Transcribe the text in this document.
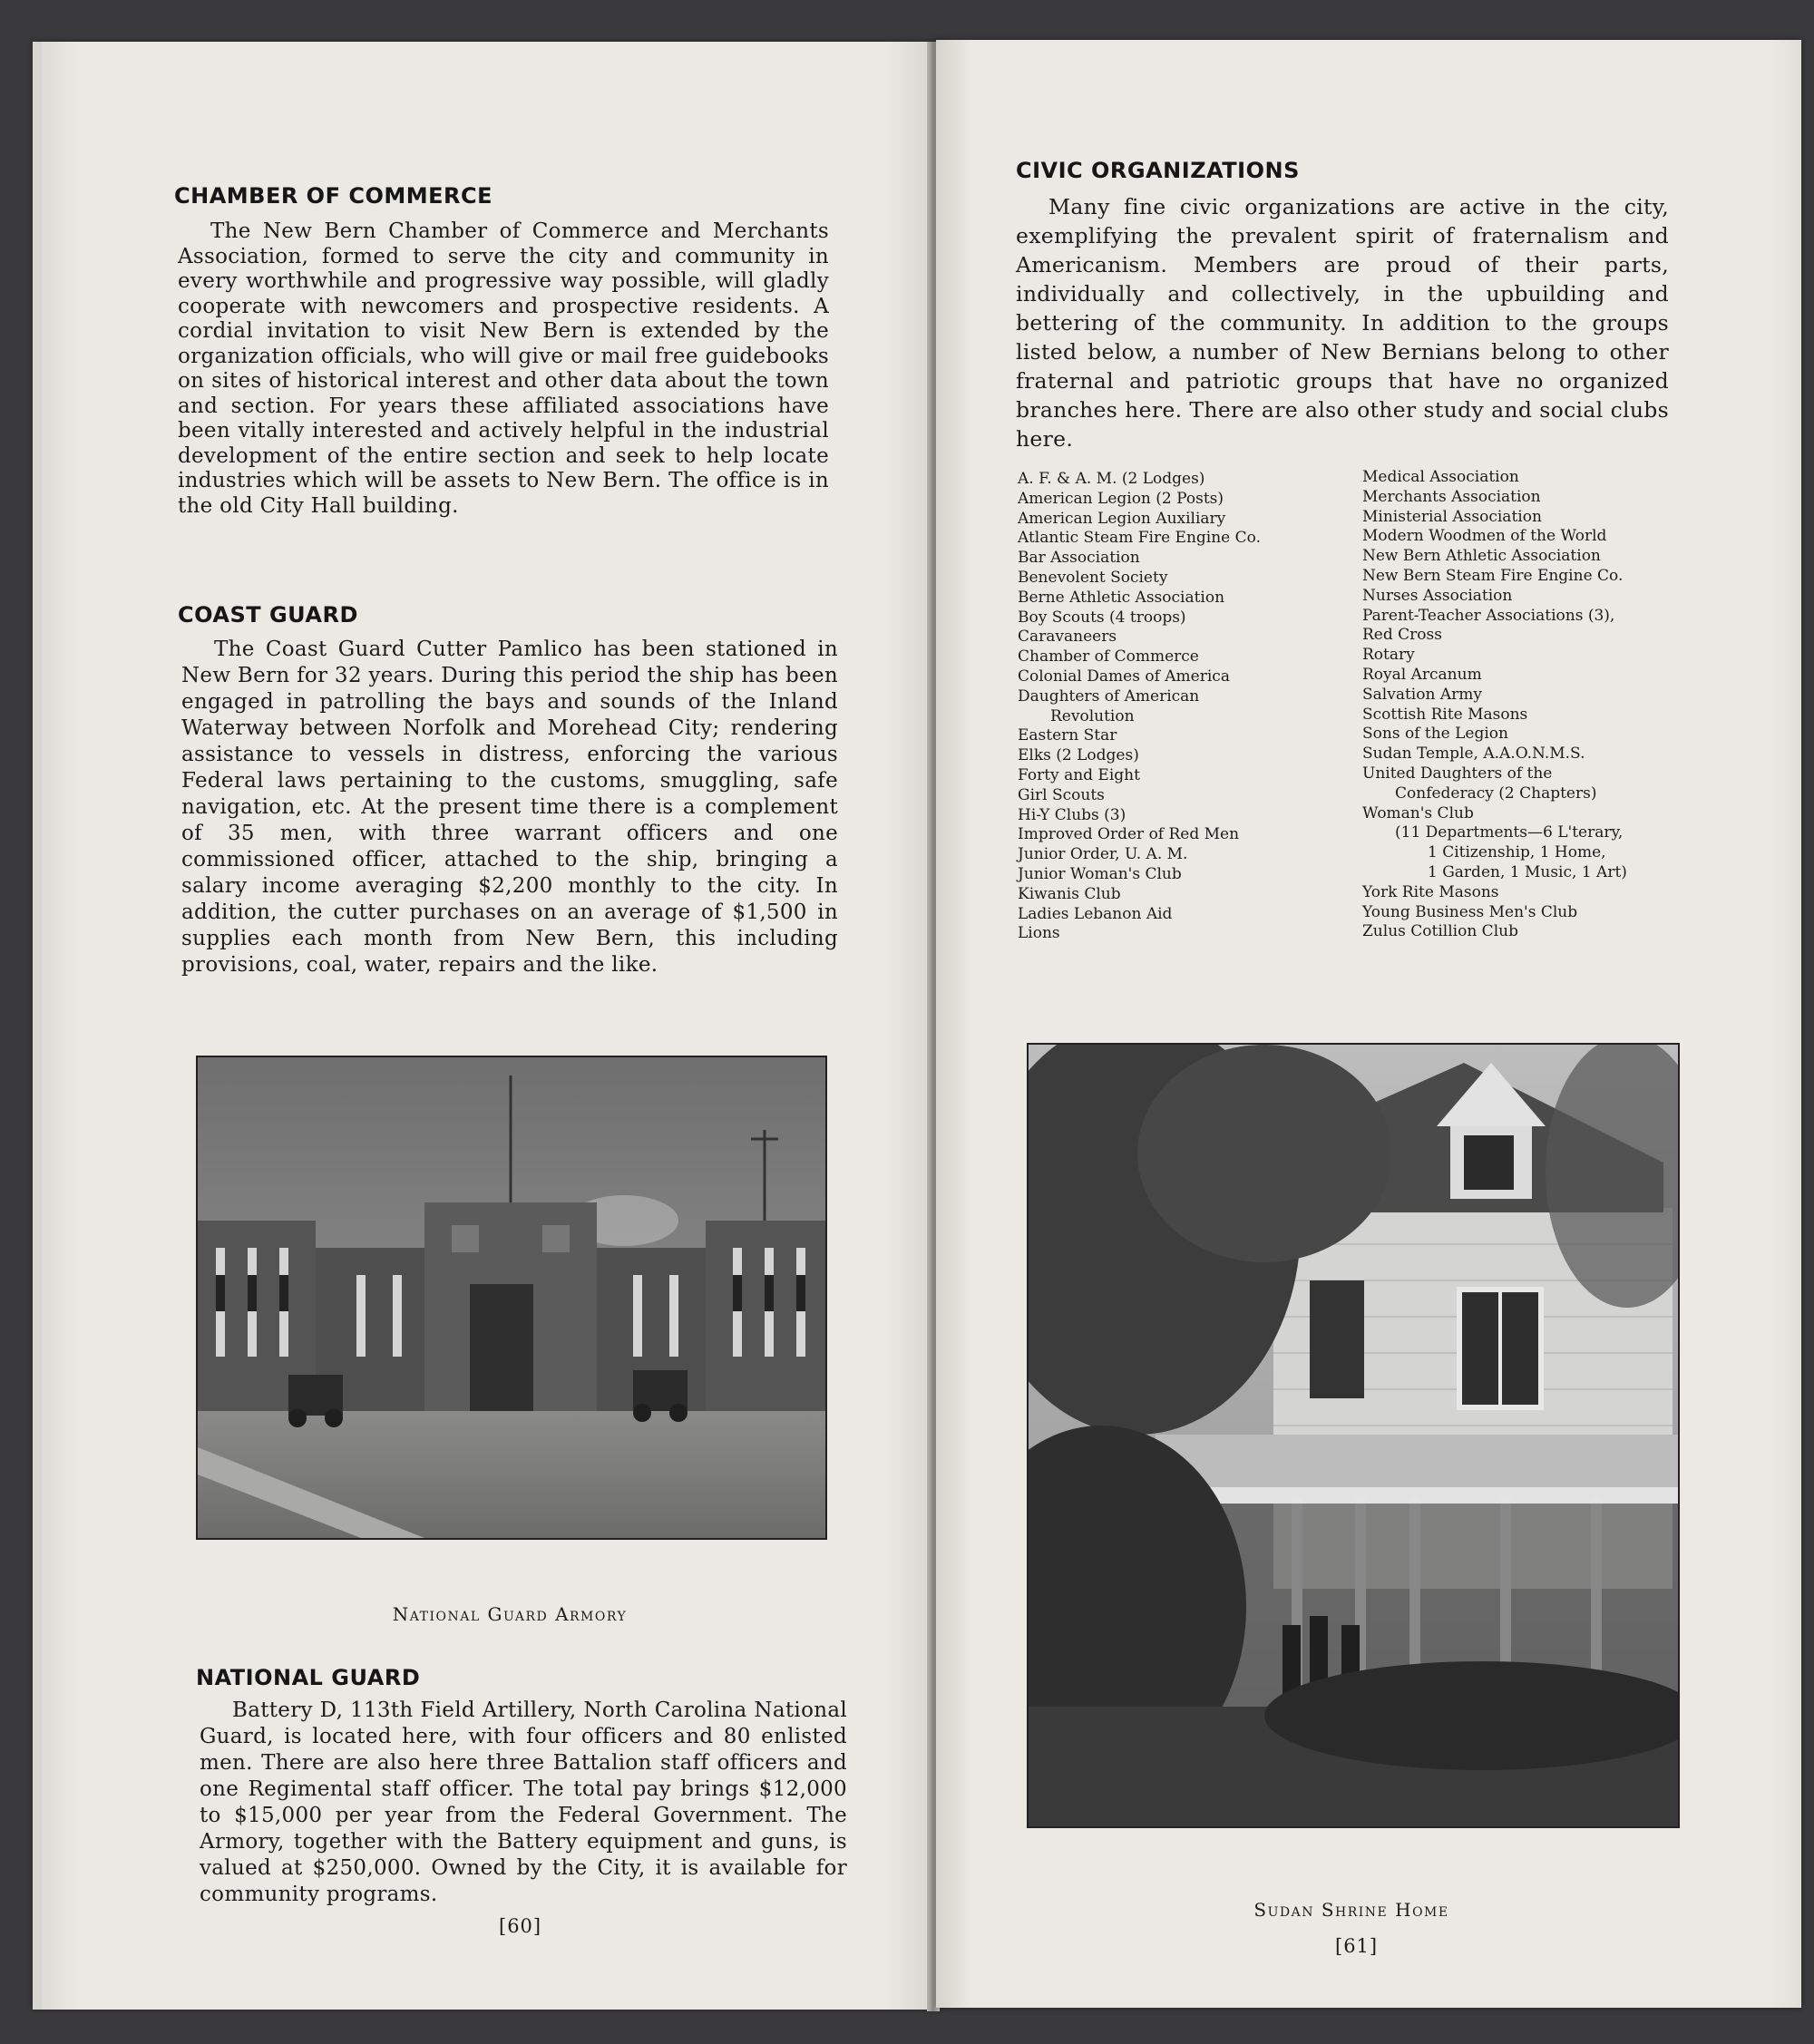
CHAMBER OF COMMERCE
The New Bern Chamber of Commerce and Merchants Association, formed to serve the city and community in every worthwhile and progressive way possible, will gladly cooperate with newcomers and prospective residents. A cordial invitation to visit New Bern is extended by the organization officials, who will give or mail free guidebooks on sites of historical interest and other data about the town and section. For years these affiliated associations have been vitally interested and actively helpful in the industrial development of the entire section and seek to help locate industries which will be assets to New Bern. The office is in the old City Hall building.
COAST GUARD
The Coast Guard Cutter Pamlico has been stationed in New Bern for 32 years. During this period the ship has been engaged in patrolling the bays and sounds of the Inland Waterway between Norfolk and Morehead City; rendering assistance to vessels in distress, enforcing the various Federal laws pertaining to the customs, smuggling, safe navigation, etc. At the present time there is a complement of 35 men, with three warrant officers and one commissioned officer, attached to the ship, bringing a salary income averaging $2,200 monthly to the city. In addition, the cutter purchases on an average of $1,500 in supplies each month from New Bern, this including provisions, coal, water, repairs and the like.
National Guard Armory
NATIONAL GUARD
Battery D, 113th Field Artillery, North Carolina National Guard, is located here, with four officers and 80 enlisted men. There are also here three Battalion staff officers and one Regimental staff officer. The total pay brings $12,000 to $15,000 per year from the Federal Government. The Armory, together with the Battery equipment and guns, is valued at $250,000. Owned by the City, it is available for community programs.
[60]
CIVIC ORGANIZATIONS
Many fine civic organizations are active in the city, exemplifying the prevalent spirit of fraternalism and Americanism. Members are proud of their parts, individually and collectively, in the upbuilding and bettering of the community. In addition to the groups listed below, a number of New Bernians belong to other fraternal and patriotic groups that have no organized branches here. There are also other study and social clubs here.
A. F. & A. M. (2 Lodges)
American Legion (2 Posts)
American Legion Auxiliary
Atlantic Steam Fire Engine Co.
Bar Association
Benevolent Society
Berne Athletic Association
Boy Scouts (4 troops)
Caravaneers
Chamber of Commerce
Colonial Dames of America
Daughters of American
Revolution
Eastern Star
Elks (2 Lodges)
Forty and Eight
Girl Scouts
Hi-Y Clubs (3)
Improved Order of Red Men
Junior Order, U. A. M.
Junior Woman's Club
Kiwanis Club
Ladies Lebanon Aid
Lions
Medical Association
Merchants Association
Ministerial Association
Modern Woodmen of the World
New Bern Athletic Association
New Bern Steam Fire Engine Co.
Nurses Association
Parent-Teacher Associations (3),
Red Cross
Rotary
Royal Arcanum
Salvation Army
Scottish Rite Masons
Sons of the Legion
Sudan Temple, A.A.O.N.M.S.
United Daughters of the
Confederacy (2 Chapters)
Woman's Club
(11 Departments—6 L'terary,
1 Citizenship, 1 Home,
1 Garden, 1 Music, 1 Art)
York Rite Masons
Young Business Men's Club
Zulus Cotillion Club
Sudan Shrine Home
[61]
